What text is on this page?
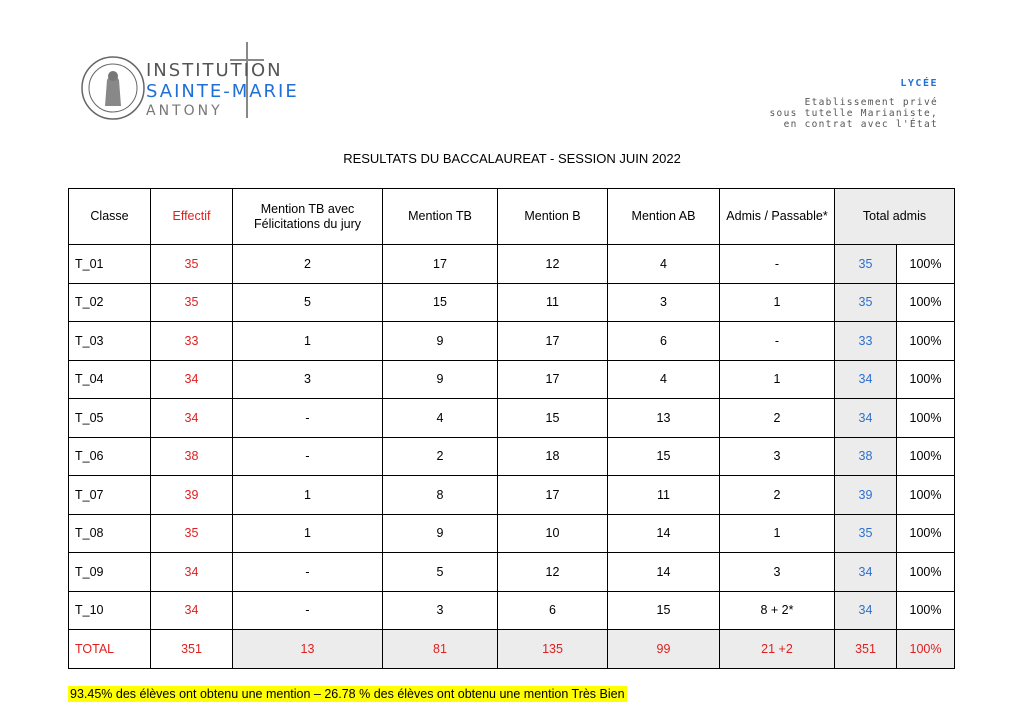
INSTITUTION
SAINTE-MARIE
ANTONY
LYCÉE
Etablissement privé
sous tutelle Marianiste,
en contrat avec l'État
RESULTATS DU BACCALAUREAT - SESSION JUIN 2022
Classe	Effectif	Mention TB avec Félicitations du jury	Mention TB	Mention B	Mention AB	Admis / Passable*	Total admis	
T_01	35	2	17	12	4	-	35	100%
T_02	35	5	15	11	3	1	35	100%
T_03	33	1	9	17	6	-	33	100%
T_04	34	3	9	17	4	1	34	100%
T_05	34	-	4	15	13	2	34	100%
T_06	38	-	2	18	15	3	38	100%
T_07	39	1	8	17	11	2	39	100%
T_08	35	1	9	10	14	1	35	100%
T_09	34	-	5	12	14	3	34	100%
T_10	34	-	3	6	15	8 + 2*	34	100%
TOTAL	351	13	81	135	99	21 +2	351	100%
93.45% des élèves ont obtenu une mention – 26.78 % des élèves ont obtenu une mention Très Bien
